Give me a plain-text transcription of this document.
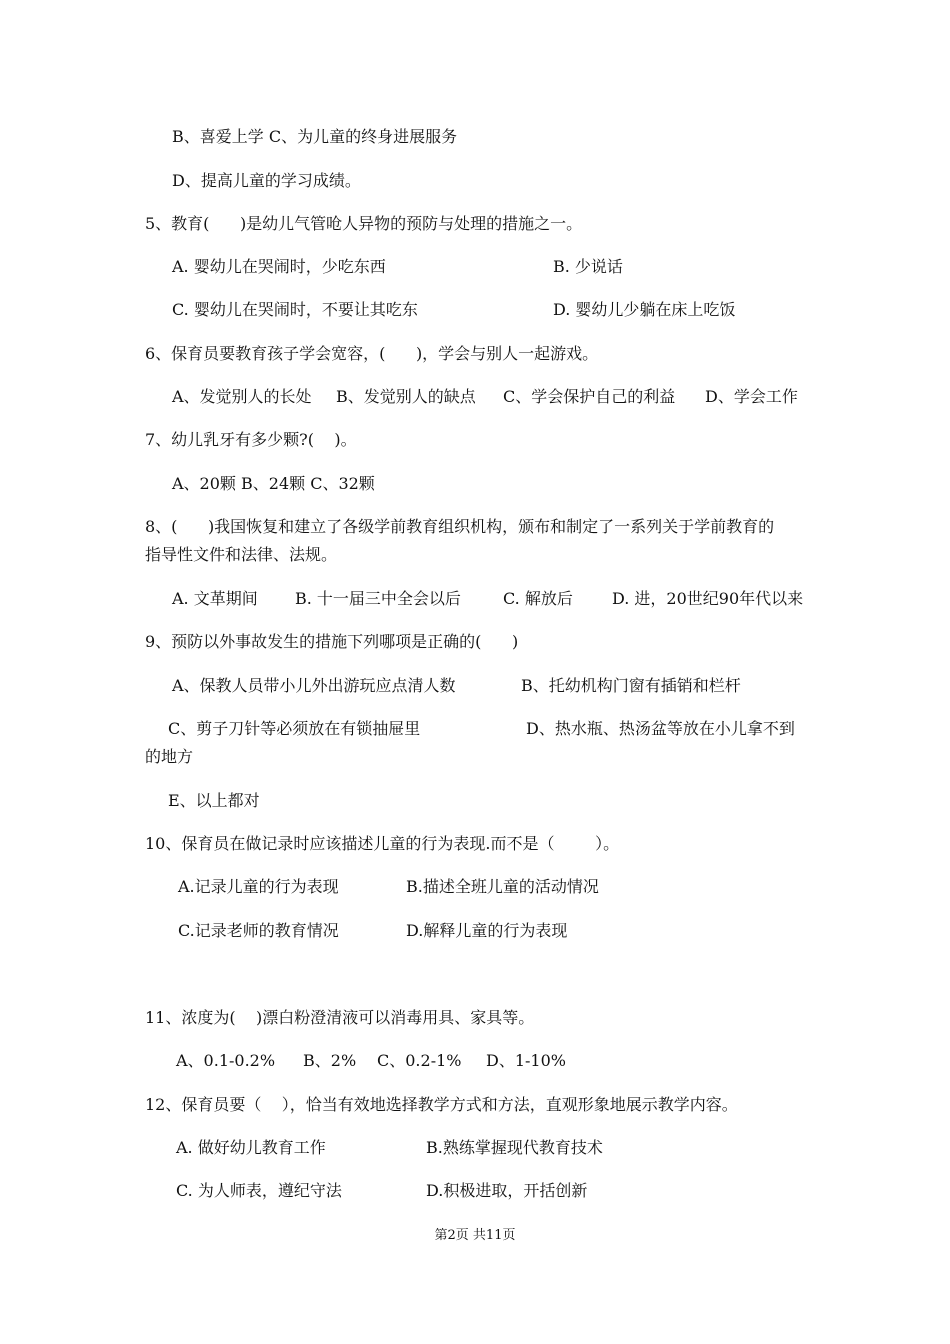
B、喜爱上学 C、为儿童的终身进展服务
D、提高儿童的学习成绩。
5、教育(      )是幼儿气管呛人异物的预防与处理的措施之一。

A. 婴幼儿在哭闹时，少吃东西

	B. 少说话

C. 婴幼儿在哭闹时，不要让其吃东

	D. 婴幼儿少躺在床上吃饭

6、保育员要教育孩子学会宽容，(      )，学会与别人一起游戏。

A、发觉别人的长处

B、发觉别人的缺点

C、学会保护自己的利益

D、学会工作

7、幼儿乳牙有多少颗?(    )。
A、20颗 B、24颗 C、32颗
8、(      )我国恢复和建立了各级学前教育组织机构，颁布和制定了一系列关于学前教育的
指导性文件和法律、法规。

A. 文革期间

B. 十一届三中全会以后

	C. 解放后

D. 进，20世纪90年代以来

9、预防以外事故发生的措施下列哪项是正确的(      )

A、保教人员带小儿外出游玩应点清人数

	B、托幼机构门窗有插销和栏杆

C、剪子刀针等必须放在有锁抽屉里

	D、热水瓶、热汤盆等放在小儿拿不到

的地方
E、以上都对
10、保育员在做记录时应该描述儿童的行为表现.而不是（        ）。

A.记录儿童的行为表现

	B.描述全班儿童的活动情况

C.记录老师的教育情况

	D.解释儿童的行为表现

11、浓度为(    )漂白粉澄清液可以消毒用具、家具等。

A、0.1-0.2%

B、2%

C、0.2-1%

D、1-10%

12、保育员要（    ），恰当有效地选择教学方式和方法，直观形象地展示教学内容。

A. 做好幼儿教育工作

	B.熟练掌握现代教育技术

C. 为人师表，遵纪守法

	D.积极进取，开括创新

第2页 共11页
